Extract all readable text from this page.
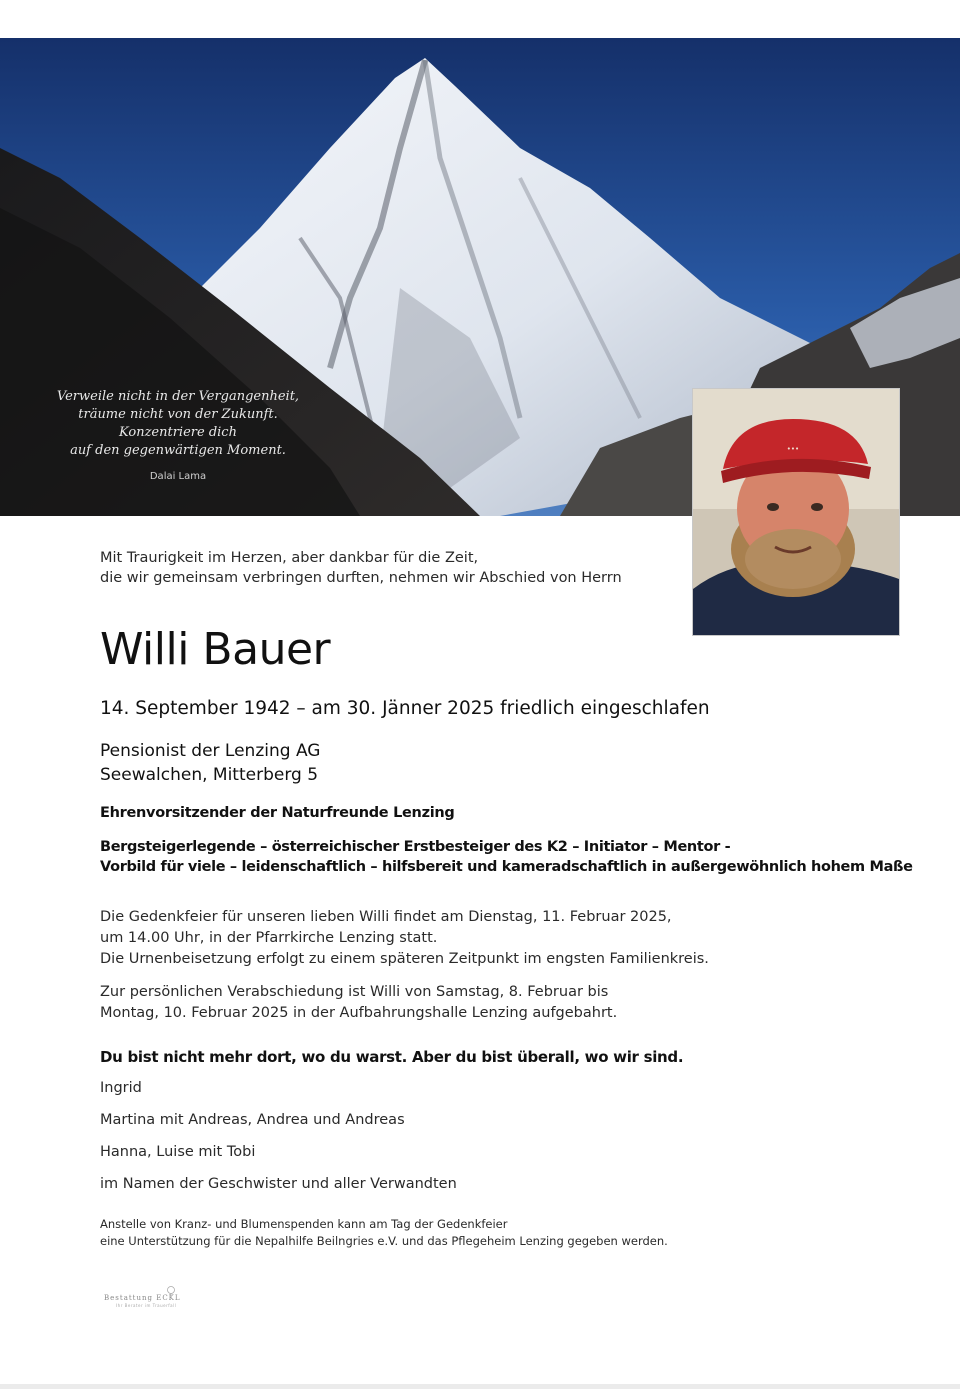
Verweile nicht in der Vergangenheit,
träume nicht von der Zukunft.
Konzentriere dich
auf den gegenwärtigen Moment.
Dalai Lama
•••
Mit Traurigkeit im Herzen, aber dankbar für die Zeit,
die wir gemeinsam verbringen durften, nehmen wir Abschied von Herrn
Willi Bauer
14. September 1942 – am 30. Jänner 2025 friedlich eingeschlafen
Pensionist der Lenzing AG
Seewalchen, Mitterberg 5
Ehrenvorsitzender der Naturfreunde Lenzing
Bergsteigerlegende – österreichischer Erstbesteiger des K2 – Initiator – Mentor -
Vorbild für viele – leidenschaftlich – hilfsbereit und kameradschaftlich in außergewöhnlich hohem Maße
Die Gedenkfeier für unseren lieben Willi findet am Dienstag, 11. Februar 2025,
um 14.00 Uhr, in der Pfarrkirche Lenzing statt.
Die Urnenbeisetzung erfolgt zu einem späteren Zeitpunkt im engsten Familienkreis.
Zur persönlichen Verabschiedung ist Willi von Samstag, 8. Februar bis
Montag, 10. Februar 2025 in der Aufbahrungshalle Lenzing aufgebahrt.
Du bist nicht mehr dort, wo du warst. Aber du bist überall, wo wir sind.
Ingrid
Martina mit Andreas, Andrea und Andreas
Hanna, Luise mit Tobi
im Namen der Geschwister und aller Verwandten
Anstelle von Kranz- und Blumenspenden kann am Tag der Gedenkfeier
eine Unterstützung für die Nepalhilfe Beilngries e.V. und das Pflegeheim Lenzing gegeben werden.
Bestattung ECKL
Ihr Berater im Trauerfall
